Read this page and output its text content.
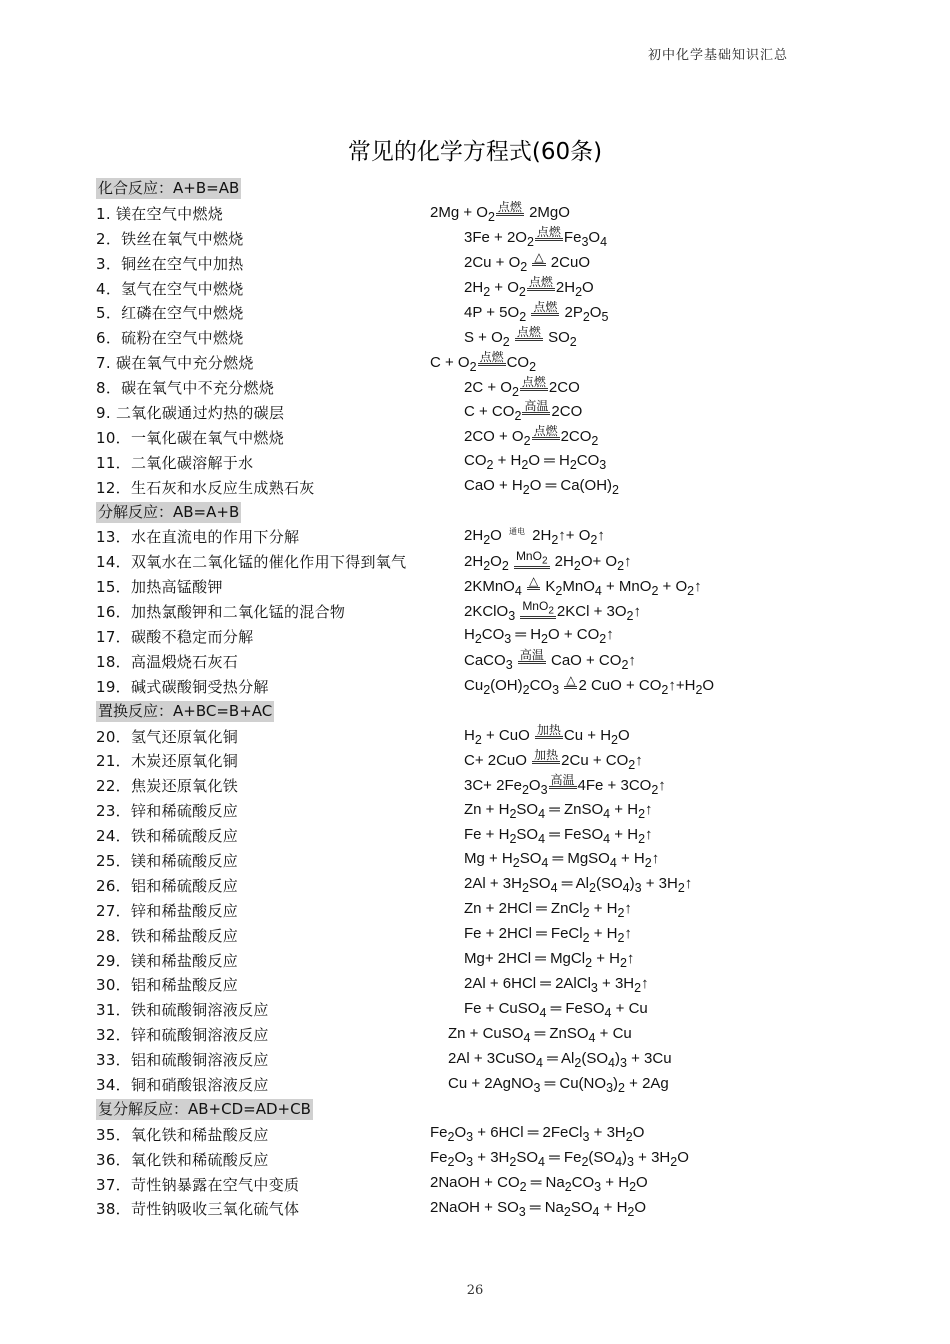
初中化学基础知识汇总
常见的化学方程式(60条)
化合反应：A+B=AB
1. 镁在空气中燃烧	$2Mg + O_2$点燃 2MgO
2．铁丝在氧气中燃烧	$3Fe + 2O_2$点燃 $Fe_3O_4$
3．铜丝在空气中加热	$2Cu + O_2$ △ 2CuO
4．氢气在空气中燃烧	$2H_2 + O_2$点燃 $2H_2O$
5．红磷在空气中燃烧	$4P + 5O_2$ 点燃 $2P_2O_5$
6．硫粉在空气中燃烧	$S + O_2$ 点燃 $SO_2$
7. 碳在氧气中充分燃烧	$C + O_2$点燃 $CO_2$
8．碳在氧气中不充分燃烧	$2C + O_2$点燃 2CO
9. 二氧化碳通过灼热的碳层	$C + CO_2$高温 2CO
10．一氧化碳在氧气中燃烧	$2CO + O_2$点燃 $2CO_2$
11．二氧化碳溶解于水	$CO_2 + H_2O$ ═ $H_2CO_3$
12．生石灰和水反应生成熟石灰	CaO + $H_2O$ ═ $Ca(OH)_2$
分解反应：AB=A+B
13．水在直流电的作用下分解	$2H_2O$ 通电 $2H_2↑+$ $O_2↑$
14．双氧水在二氧化锰的催化作用下得到氧气	$2H_2O_2$ MnO$_2$ $2H_2O+$ $O_2↑$
15．加热高锰酸钾	2KMnO$_4$ △ $K_2MnO_4 + MnO_2$ + $O_2↑$
16．加热氯酸钾和二氧化锰的混合物	2KClO$_3$ MnO$_2$ $2KCl + 3O_2↑$
17．碳酸不稳定而分解	$H_2CO_3$ ═ $H_2O$ + $CO_2↑$
18．高温煅烧石灰石	CaCO$_3$ 高温 CaO + $CO_2↑$
19．碱式碳酸铜受热分解	$Cu_2(OH)_2CO_3$ △ 2 CuO + $CO_2↑+H_2O$
置换反应：A+BC=B+AC
20．氢气还原氧化铜	$H_2$ + CuO 加热 $Cu + H_2O$
21．木炭还原氧化铜	C+ 2CuO 加热 $2Cu + CO_2↑$
22．焦炭还原氧化铁	$3C+ 2Fe_2O_3$高温 $4Fe + 3CO_2↑$
23．锌和稀硫酸反应	$Zn + H_2SO_4$ ═ ZnSO$_4$ + $H_2↑$
24．铁和稀硫酸反应	$Fe + H_2SO_4$ ═ FeSO$_4$ + $H_2↑$
25．镁和稀硫酸反应	$Mg + H_2SO_4$ ═ MgSO$_4$ + $H_2↑$
26．铝和稀硫酸反应	$2Al + 3H_2SO_4$ ═ $Al_2(SO_4)_3$ + $3H_2↑$
27．锌和稀盐酸反应	Zn + 2HCl ═ ZnCl$_2$ + $H_2↑$
28．铁和稀盐酸反应	Fe + 2HCl ═ FeCl$_2$ + $H_2↑$
29．镁和稀盐酸反应	Mg+ 2HCl ═ MgCl$_2$ + $H_2↑$
30．铝和稀盐酸反应	2Al + 6HCl ═ 2AlCl$_3$ + $3H_2↑$
31．铁和硫酸铜溶液反应	Fe + CuSO$_4$ ═ FeSO$_4$ + Cu
32．锌和硫酸铜溶液反应	Zn + CuSO$_4$ ═ ZnSO$_4$ + Cu
33．铝和硫酸铜溶液反应	2Al + 3CuSO$_4$ ═ $Al_2(SO_4)_3 + 3Cu$
34．铜和硝酸银溶液反应	Cu + 2AgNO$_3$ ═ $Cu(NO_3)_2 + 2Ag$
复分解反应：AB+CD=AD+CB
35．氧化铁和稀盐酸反应	$Fe_2O_3 + 6HCl$ ═ 2FeCl$_3$ + $3H_2O$
36．氧化铁和稀硫酸反应	$Fe_2O_3 + 3H_2SO_4$ ═ $Fe_2(SO_4)_3 + 3H_2O$
37．苛性钠暴露在空气中变质	2NaOH + $CO_2$ ═ $Na_2CO_3 + H_2O$
38．苛性钠吸收三氧化硫气体	2NaOH + $SO_3$ ═ $Na_2SO_4 + H_2O$
26
